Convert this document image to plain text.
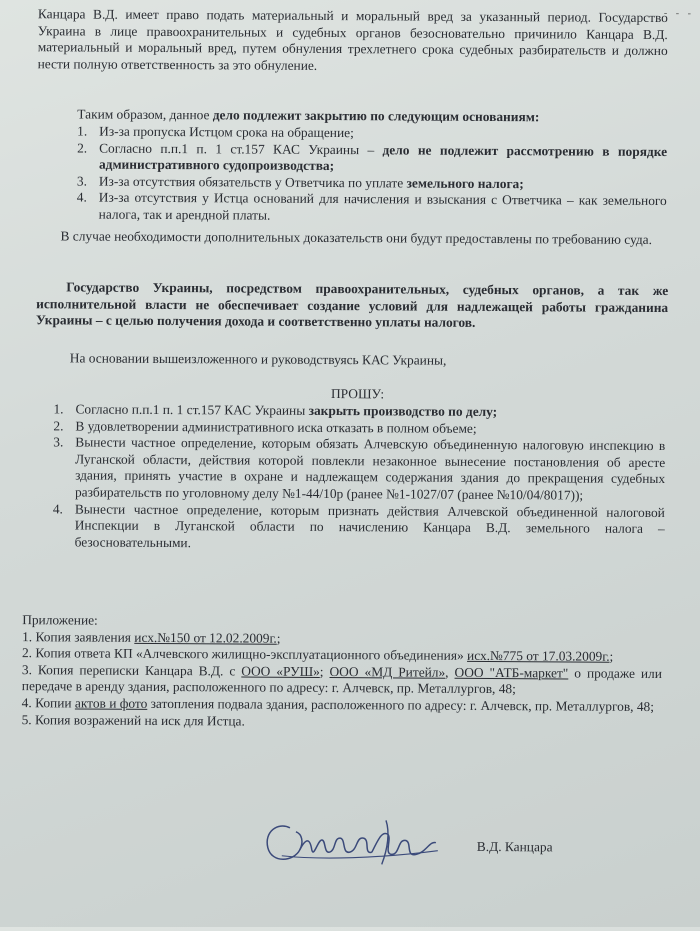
- - -
Канцара В.Д. имеет право подать материальный и моральный вред за указанный период. Государство Украина в лице правоохранительных и судебных органов безосновательно причинило Канцара В.Д. материальный и моральный вред, путем обнуления трехлетнего срока судебных разбирательств и должно нести полную ответственность за это обнуление.
Таким образом, данное дело подлежит закрытию по следующим основаниям:
1. Из-за пропуска Истцом срока на обращение;
2. Согласно п.п.1 п. 1 ст.157 КАС Украины – дело не подлежит рассмотрению в порядке административного судопроизводства;
3. Из-за отсутствия обязательств у Ответчика по уплате земельного налога;
4. Из-за отсутствия у Истца оснований для начисления и взыскания с Ответчика – как земельного налога, так и арендной платы.
В случае необходимости дополнительных доказательств они будут предоставлены по требованию суда.
Государство Украины, посредством правоохранительных, судебных органов, а так же исполнительной власти не обеспечивает создание условий для надлежащей работы гражданина Украины – с целью получения дохода и соответственно уплаты налогов.
На основании вышеизложенного и руководствуясь КАС Украины,
ПРОШУ:
1. Согласно п.п.1 п. 1 ст.157 КАС Украины закрыть производство по делу;
2. В удовлетворении административного иска отказать в полном объеме;
3. Вынести частное определение, которым обязать Алчевскую объединенную налоговую инспекцию в Луганской области, действия которой повлекли незаконное вынесение постановления об аресте здания, принять участие в охране и надлежащем содержания здания до прекращения судебных разбирательств по уголовному делу №1-44/10р (ранее №1-1027/07 (ранее №10/04/8017));
4. Вынести частное определение, которым признать действия Алчевской объединенной налоговой Инспекции в Луганской области по начислению Канцара В.Д. земельного налога – безосновательными.
Приложение:
1. Копия заявления исх.№150 от 12.02.2009г.;
2. Копия ответа КП «Алчевского жилищно-эксплуатационного объединения» исх.№775 от 17.03.2009г.;
3. Копия переписки Канцара В.Д. с ООО «РУШ»; ООО «МД Ритейл», ООО "АТБ-маркет" о продаже или передаче в аренду здания, расположенного по адресу: г. Алчевск, пр. Металлургов, 48;
4. Копии актов и фото затопления подвала здания, расположенного по адресу: г. Алчевск, пр. Металлургов, 48;
5. Копия возражений на иск для Истца.
В.Д. Канцара
